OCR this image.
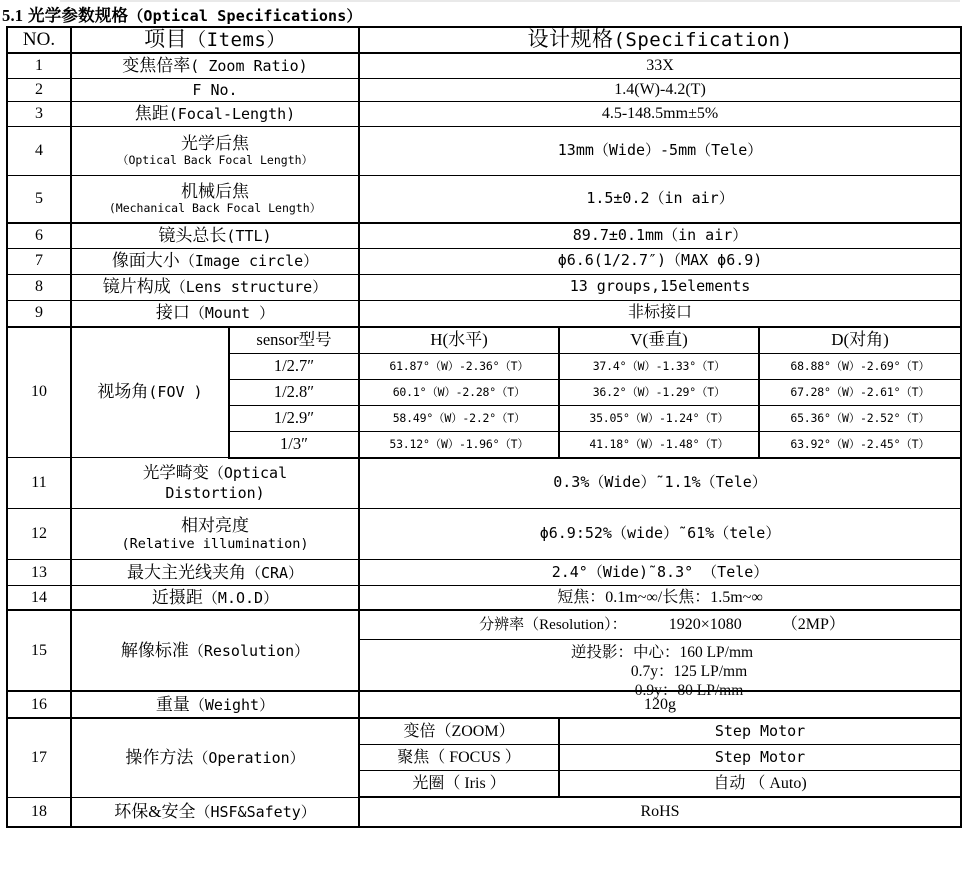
5.1 光学参数规格（Optical Specifications）
NO.	项目（Items）		设计规格(Specification)		
1	变焦倍率( Zoom Ratio)		33X		
2	F No.		1.4(W)-4.2(T)		
3	焦距(Focal-Length)		4.5-148.5mm±5%		
4	光学后焦
（Optical Back Focal Length）		13mm（Wide）-5mm（Tele）		
5	机械后焦
(Mechanical Back Focal Length）		1.5±0.2（in air）		
6	镜头总长(TTL)		89.7±0.1mm（in air）		
7	像面大小（Image circle）		ϕ6.6(1/2.7″)（MAX ϕ6.9)		
8	镜片构成（Lens structure）		13 groups,15elements		
9	接口（Mount ）		非标接口		
10	视场角(FOV )	sensor型号	H(水平)	V(垂直)	D(对角)
		1/2.7″	61.87°（W）-2.36°（T）	37.4°（W）-1.33°（T）	68.88°（W）-2.69°（T）
		1/2.8″	60.1°（W）-2.28°（T）	36.2°（W）-1.29°（T）	67.28°（W）-2.61°（T）
		1/2.9″	58.49°（W）-2.2°（T）	35.05°（W）-1.24°（T）	65.36°（W）-2.52°（T）
		1/3″	53.12°（W）-1.96°（T）	41.18°（W）-1.48°（T）	63.92°（W）-2.45°（T）
11	光学畸变（Optical
Distortion)		0.3%（Wide）˜1.1%（Tele）		
12	相对亮度
(Relative illumination)		ϕ6.9:52%（wide）˜61%（tele）		
13	最大主光线夹角（CRA）		2.4°（Wide)˜8.3° （Tele）		
14	近摄距（M.O.D）		短焦：0.1m~∞/长焦：1.5m~∞		
15	解像标准（Resolution）		分辨率（Resolution）： 1920×1080 （2MP）		

			逆投影：中心：160 LP/mm
0.7y：125 LP/mm
0.9y：80 LP/mm		

16	重量（Weight）		120g		
17	操作方法（Operation）		变倍（ZOOM）	Step Motor	
			聚焦（ FOCUS ）	Step Motor	
			光圈（ Iris ）	自动 （ Auto)	
18	环保&安全（HSF&Safety）		RoHS		
